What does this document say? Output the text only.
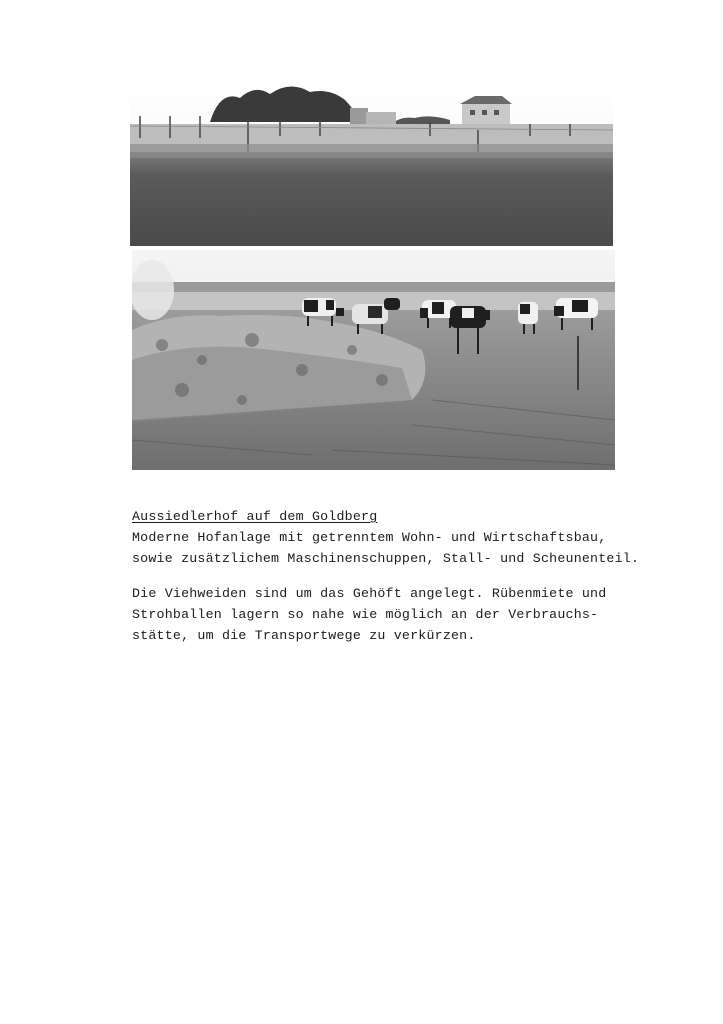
Aussiedlerhof auf dem Goldberg
Moderne Hofanlage mit getrenntem Wohn- und Wirtschaftsbau,
sowie zusätzlichem Maschinenschuppen, Stall- und Scheunenteil.
Die Viehweiden sind um das Gehöft angelegt. Rübenmiete und
Strohballen lagern so nahe wie möglich an der Verbrauchs-
stätte, um die Transportwege zu verkürzen.
